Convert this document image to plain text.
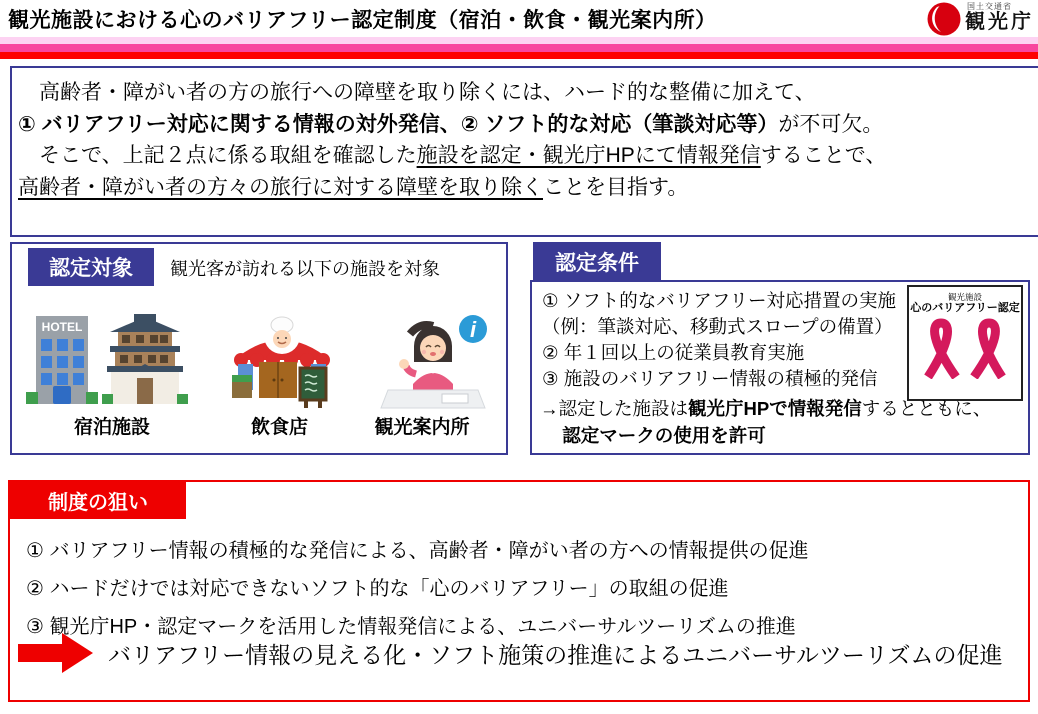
観光施設における心のバリアフリー認定制度（宿泊・飲食・観光案内所）
国土交通省
観光庁
高齢者・障がい者の方の旅行への障壁を取り除くには、ハード的な整備に加えて、
① バリアフリー対応に関する情報の対外発信、② ソフト的な対応（筆談対応等）が不可欠。
そこで、上記２点に係る取組を確認した施設を認定・観光庁HPにて情報発信することで、
高齢者・障がい者の方々の旅行に対する障壁を取り除くことを目指す。
認定対象	観光客が訪れる以下の施設を対象
HOTEL	i
宿泊施設	飲食店	観光案内所
認定条件
① ソフト的なバリアフリー対応措置の実施
（例：筆談対応、移動式スロープの備置）
② 年１回以上の従業員教育実施
③ 施設のバリアフリー情報の積極的発信
観光施設
心のバリアフリー認定
→認定した施設は観光庁HPで情報発信するとともに、
認定マークの使用を許可
制度の狙い
① バリアフリー情報の積極的な発信による、高齢者・障がい者の方への情報提供の促進
② ハードだけでは対応できないソフト的な「心のバリアフリー」の取組の促進
③ 観光庁HP・認定マークを活用した情報発信による、ユニバーサルツーリズムの推進
バリアフリー情報の見える化・ソフト施策の推進によるユニバーサルツーリズムの促進
